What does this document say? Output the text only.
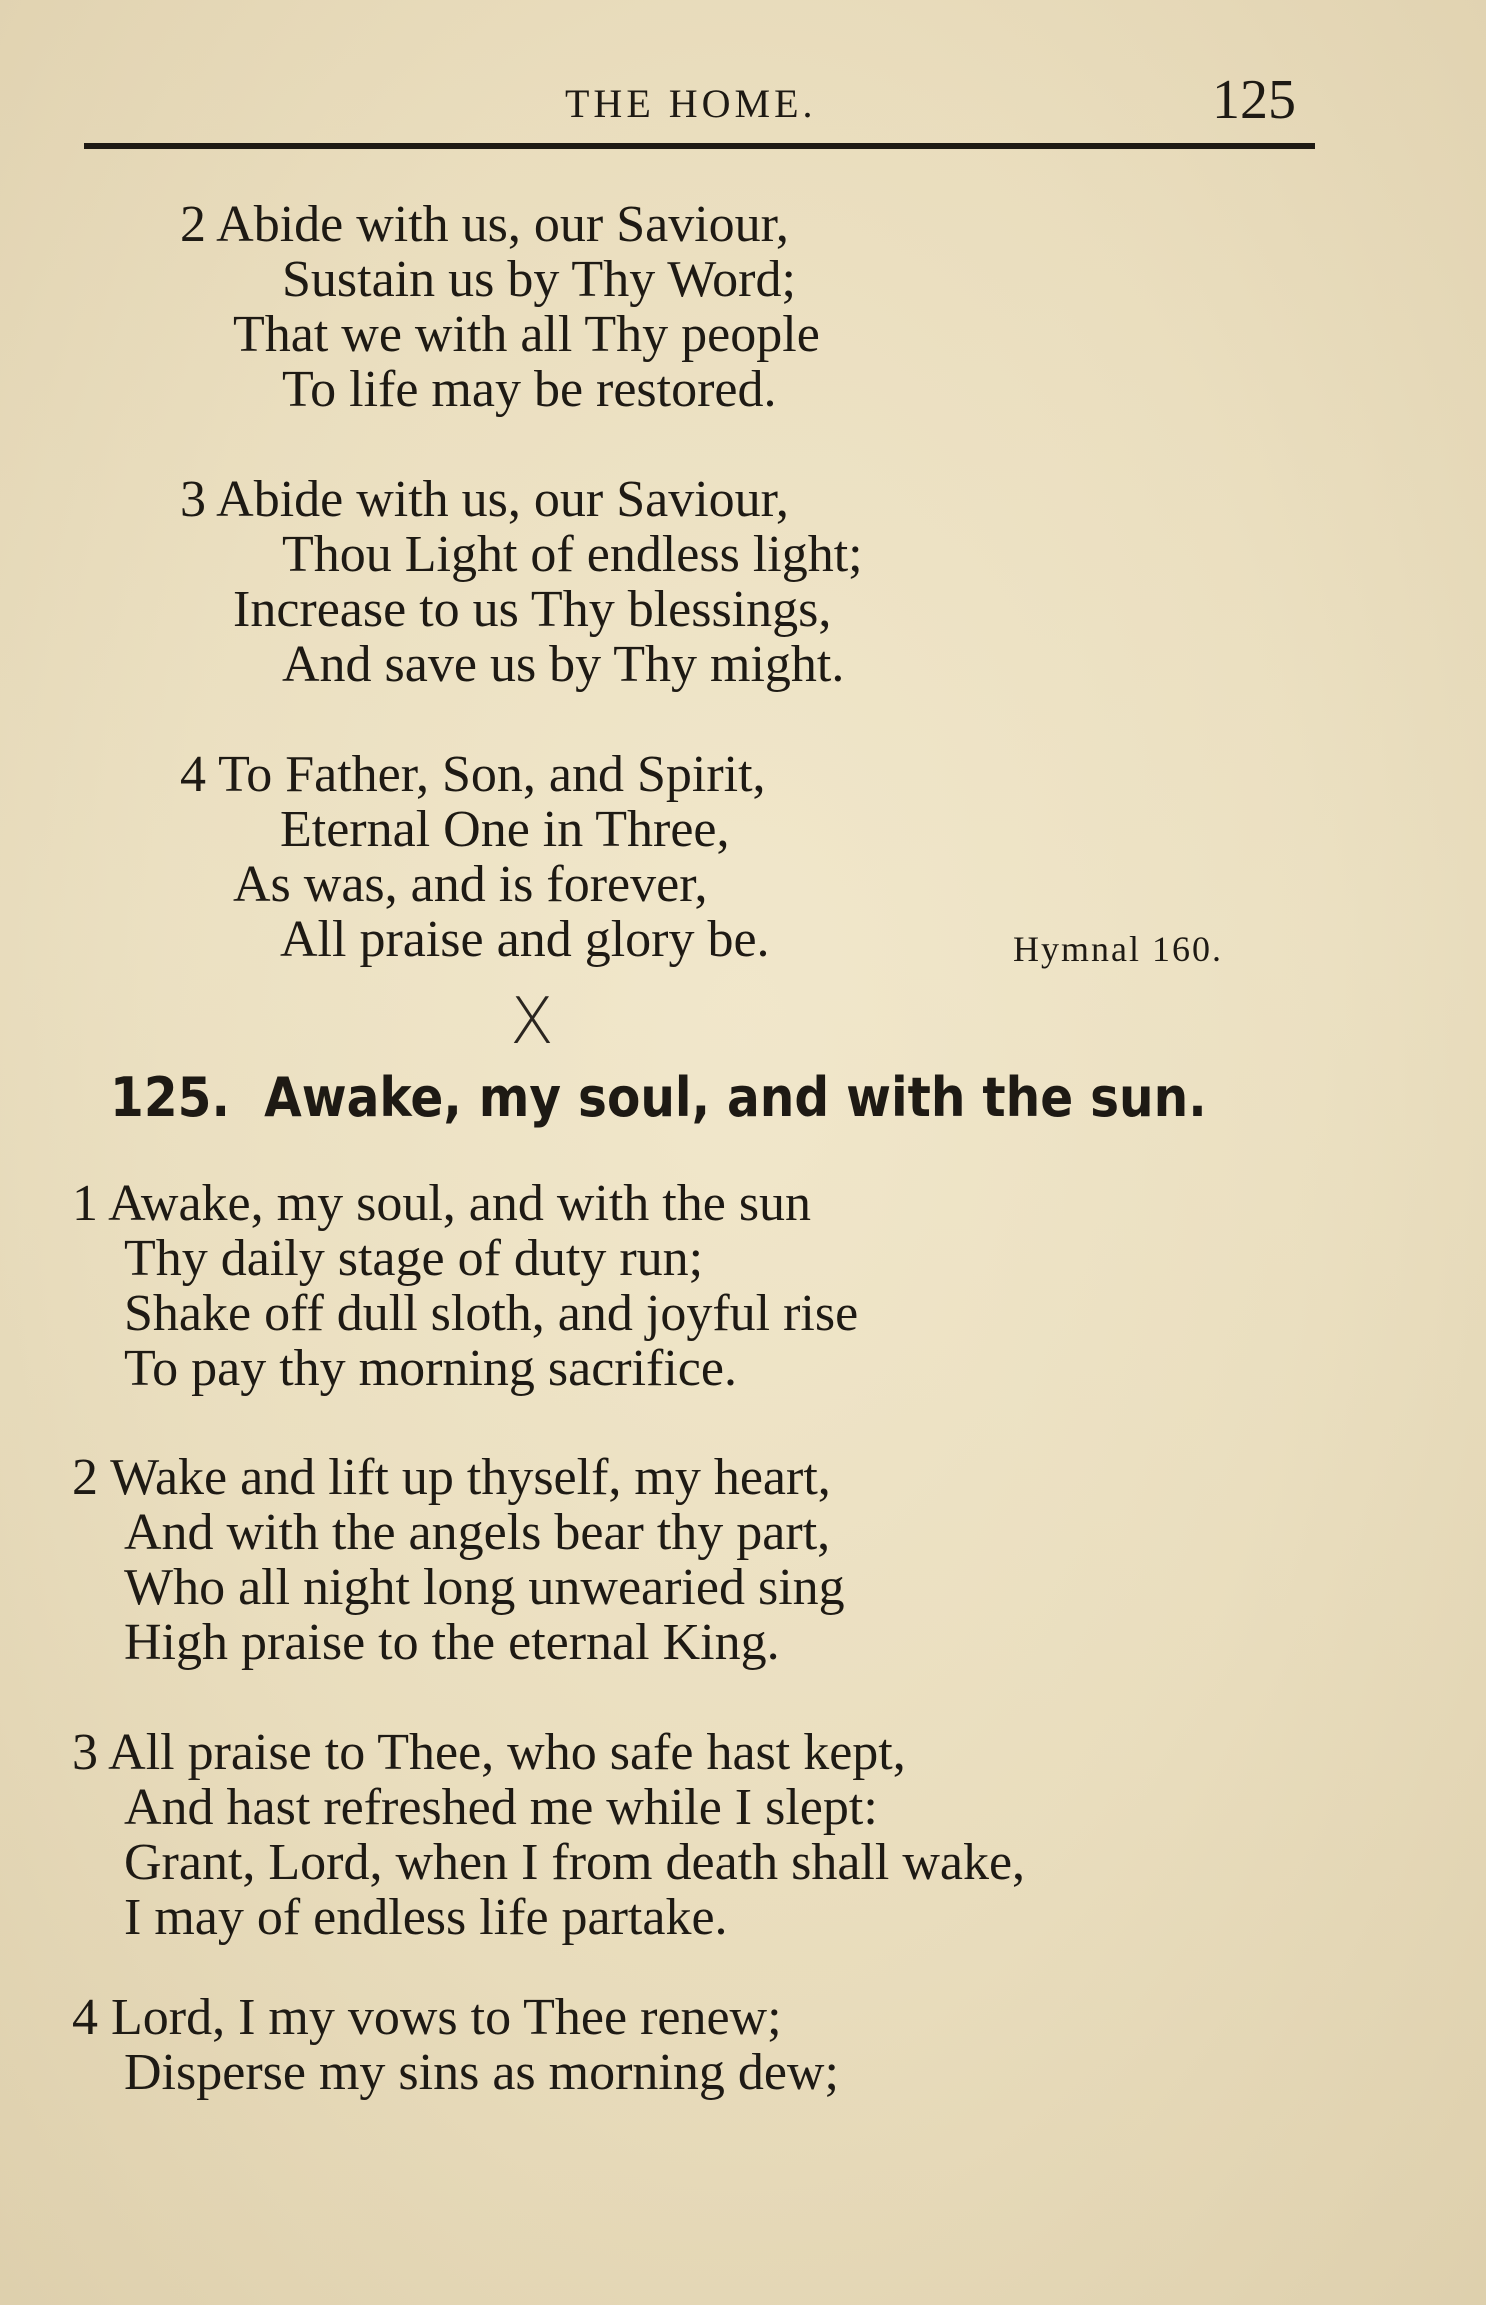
THE HOME.	125
2 Abide with us, our Saviour,
Sustain us by Thy Word;
That we with all Thy people
To life may be restored.
3 Abide with us, our Saviour,
Thou Light of endless light;
Increase to us Thy blessings,
And save us by Thy might.
4 To Father, Son, and Spirit,
Eternal One in Three,
As was, and is forever,
All praise and glory be.	Hymnal 160.
X
125. Awake, my soul, and with the sun.
1 Awake, my soul, and with the sun
Thy daily stage of duty run;
Shake off dull sloth, and joyful rise
To pay thy morning sacrifice.
2 Wake and lift up thyself, my heart,
And with the angels bear thy part,
Who all night long unwearied sing
High praise to the eternal King.
3 All praise to Thee, who safe hast kept,
And hast refreshed me while I slept:
Grant, Lord, when I from death shall wake,
I may of endless life partake.
4 Lord, I my vows to Thee renew;
Disperse my sins as morning dew;
